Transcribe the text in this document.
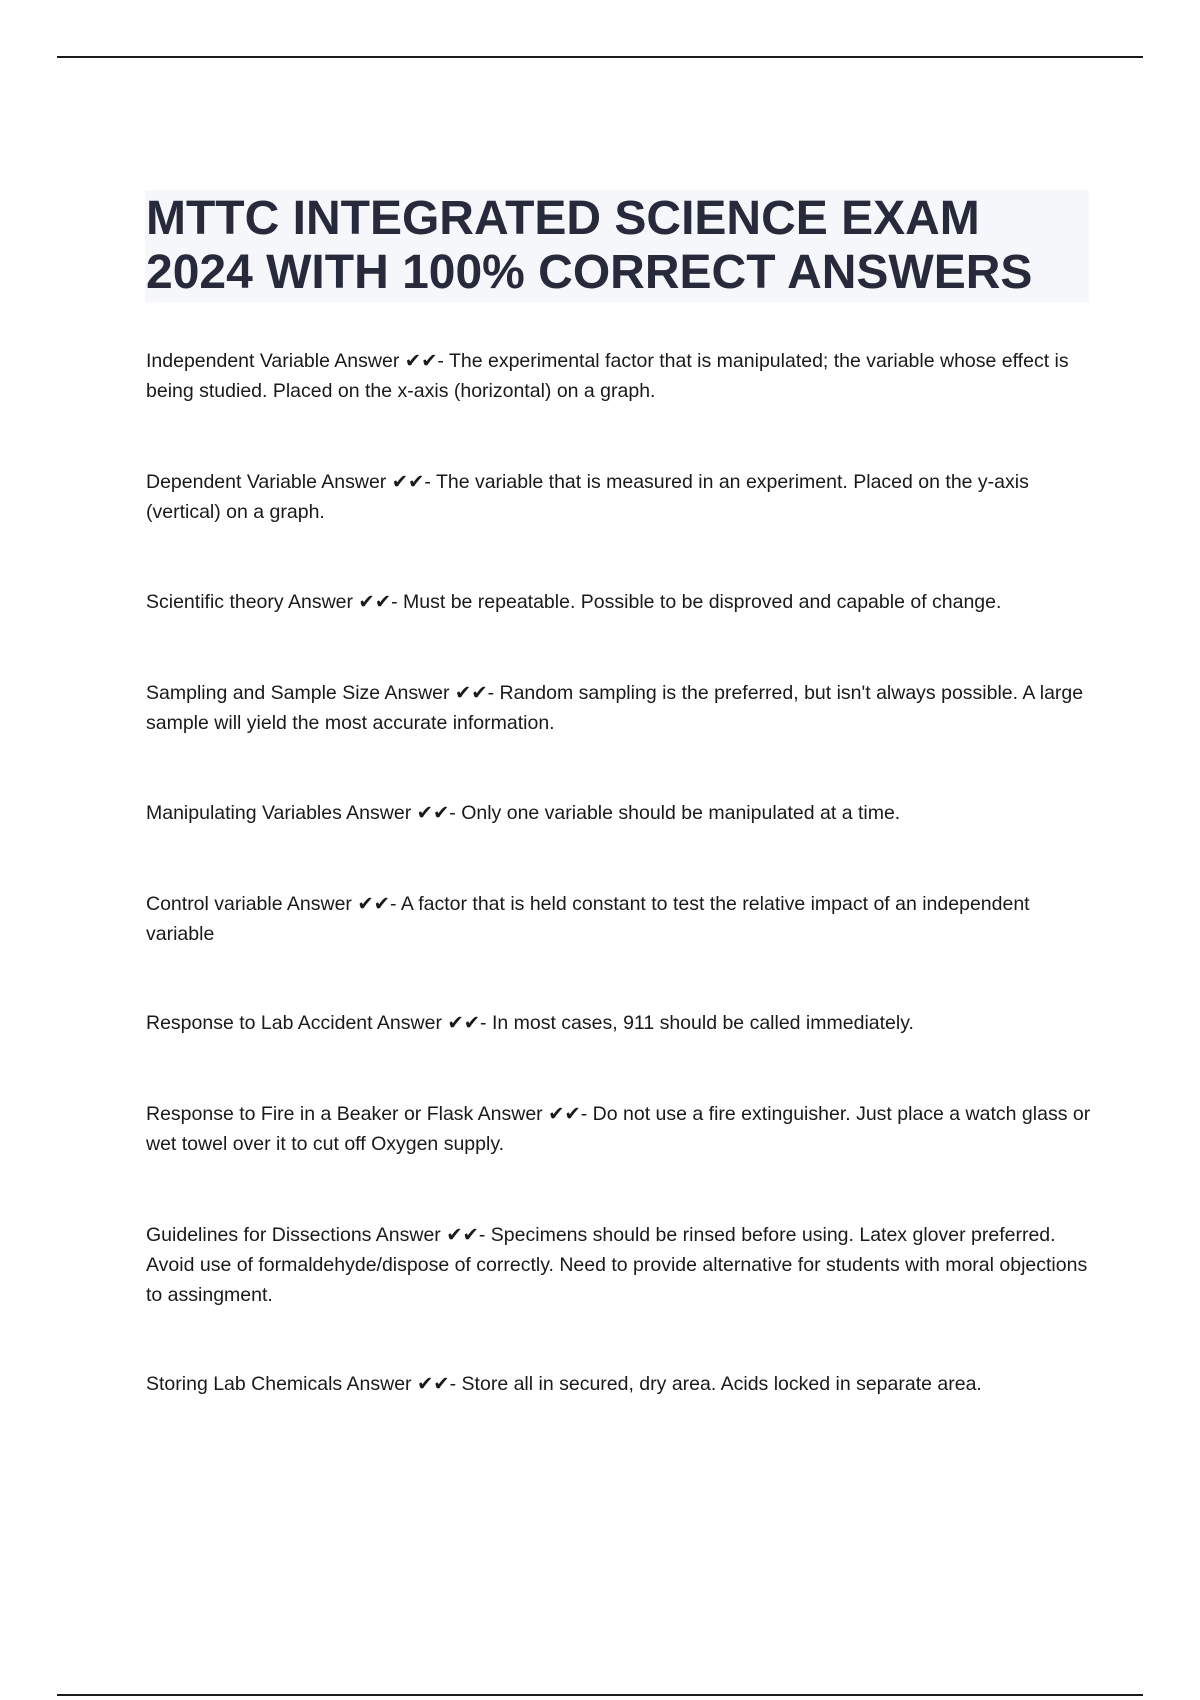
MTTC INTEGRATED SCIENCE EXAM 2024 WITH 100% CORRECT ANSWERS

Independent Variable Answer ✔✔- The experimental factor that is manipulated; the variable whose effect is being studied. Placed on the x-axis (horizontal) on a graph.

Dependent Variable Answer ✔✔- The variable that is measured in an experiment. Placed on the y-axis (vertical) on a graph.

Scientific theory Answer ✔✔- Must be repeatable. Possible to be disproved and capable of change.

Sampling and Sample Size Answer ✔✔- Random sampling is the preferred, but isn't always possible. A large sample will yield the most accurate information.

Manipulating Variables Answer ✔✔- Only one variable should be manipulated at a time.

Control variable Answer ✔✔- A factor that is held constant to test the relative impact of an independent variable

Response to Lab Accident Answer ✔✔- In most cases, 911 should be called immediately.

Response to Fire in a Beaker or Flask Answer ✔✔- Do not use a fire extinguisher. Just place a watch glass or wet towel over it to cut off Oxygen supply.

Guidelines for Dissections Answer ✔✔- Specimens should be rinsed before using. Latex glover preferred. Avoid use of formaldehyde/dispose of correctly. Need to provide alternative for students with moral objections to assingment.

Storing Lab Chemicals Answer ✔✔- Store all in secured, dry area. Acids locked in separate area.
